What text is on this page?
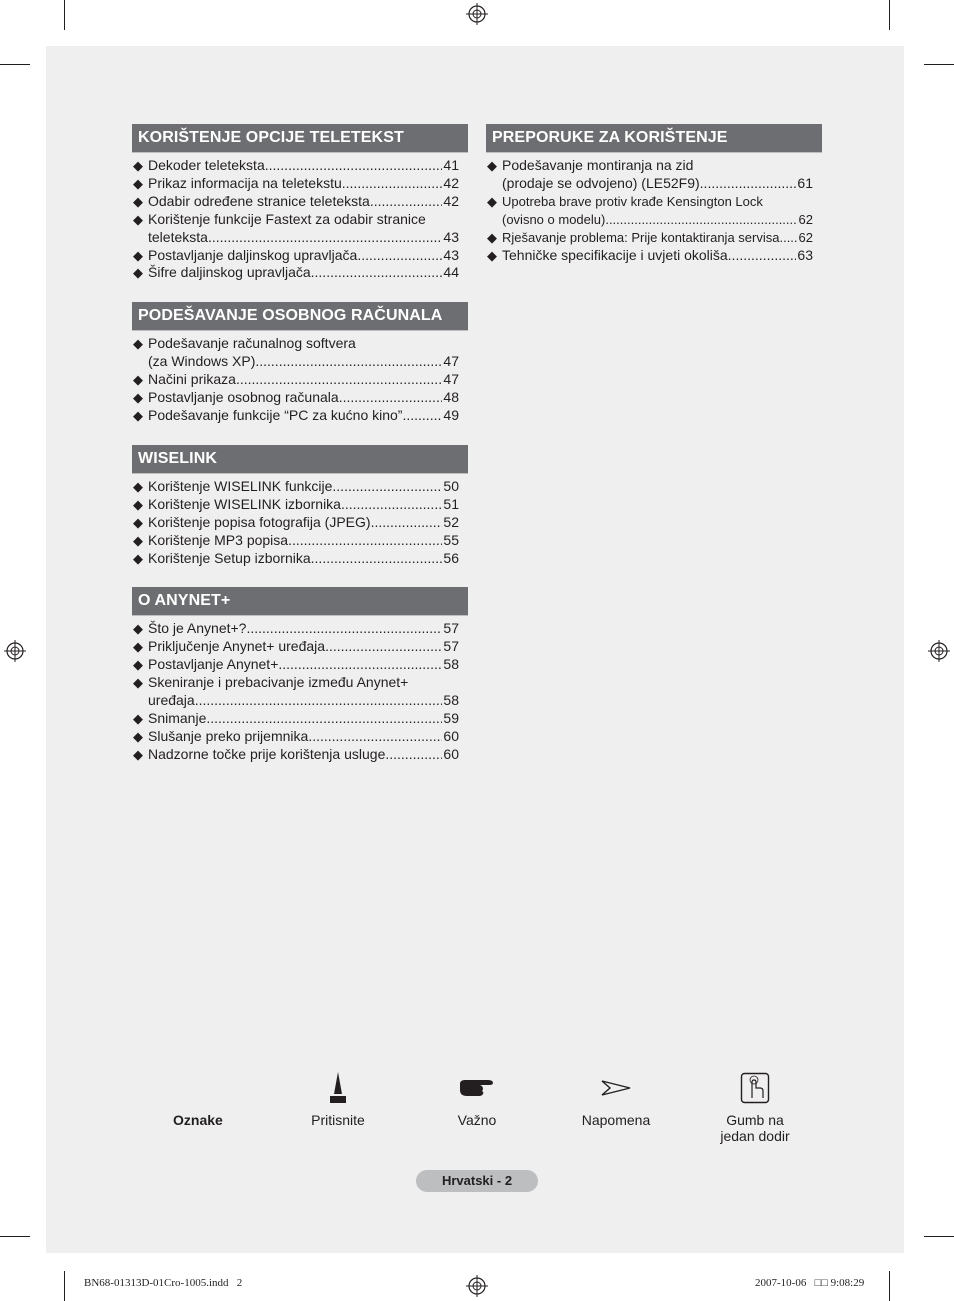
KORIŠTENJE OPCIJE TELETEKST
◆ Dekoder teleteksta .....	41
◆ Prikaz informacija na teletekstu .....	42
◆ Odabir određene stranice teleteksta .....	42
◆ Korištenje funkcije Fastext za odabir stranice
teleteksta .....	43
◆ Postavljanje daljinskog upravljača .....	43
◆ Šifre daljinskog upravljača .....	44
PODEŠAVANJE OSOBNOG RAČUNALA
◆ Podešavanje računalnog softvera
(za Windows XP) .....	47
◆ Načini prikaza .....	47
◆ Postavljanje osobnog računala .....	48
◆ Podešavanje funkcije “PC za kućno kino” .....	49
WISELINK
◆ Korištenje WISELINK funkcije .....	50
◆ Korištenje WISELINK izbornika .....	51
◆ Korištenje popisa fotografija (JPEG) .....	52
◆ Korištenje MP3 popisa .....	55
◆ Korištenje Setup izbornika .....	56
O ANYNET+
◆ Što je Anynet+? .....	57
◆ Priključenje Anynet+ uređaja .....	57
◆ Postavljanje Anynet+ .....	58
◆ Skeniranje i prebacivanje između Anynet+
uređaja .....	58
◆ Snimanje .....	59
◆ Slušanje preko prijemnika .....	60
◆ Nadzorne točke prije korištenja usluge .....	60
PREPORUKE ZA KORIŠTENJE
◆ Podešavanje montiranja na zid
(prodaje se odvojeno) (LE52F9) .....	61
◆ Upotreba brave protiv krađe Kensington Lock
(ovisno o modelu) .....	62
◆ Rješavanje problema: Prije kontaktiranja servisa ..... 62
◆ Tehničke specifikacije i uvjeti okoliša .....	63
Oznake	Pritisnite	Važno	Napomena	Gumb na
jedan dodir
Hrvatski - 2
BN68-01313D-01Cro-1005.indd   2	2007-10-06   □□ 9:08:29
